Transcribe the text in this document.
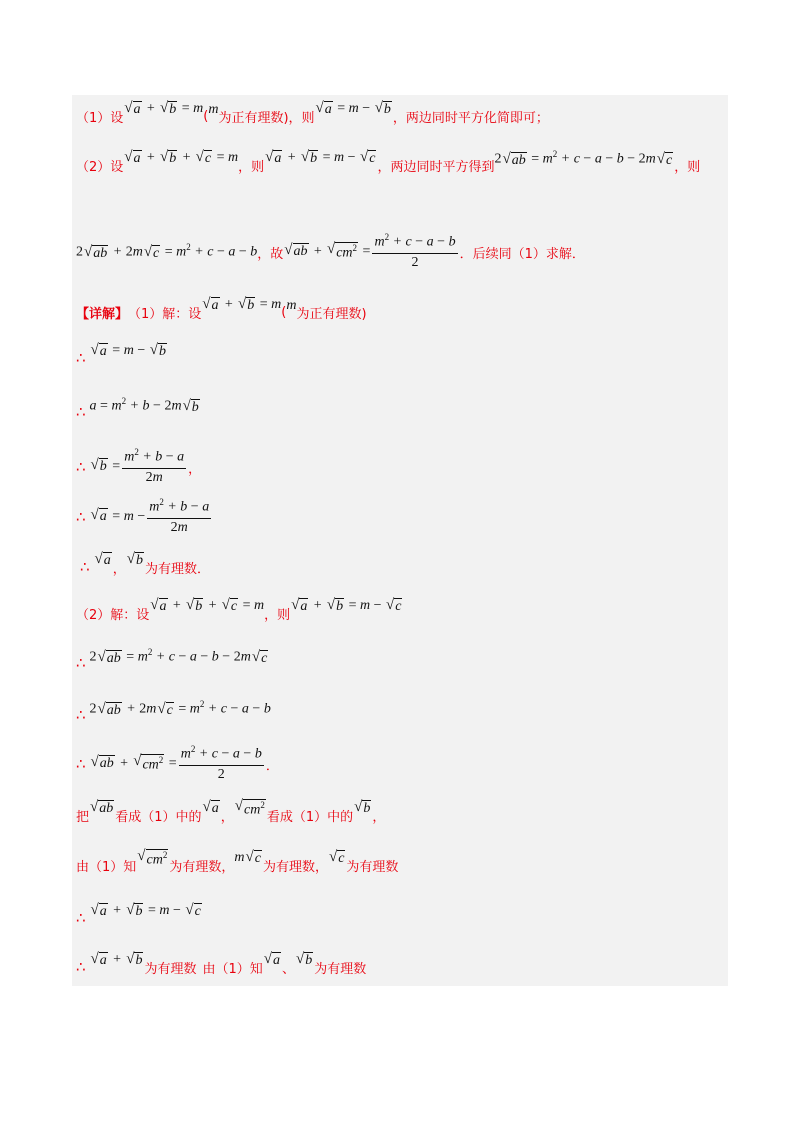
（1）设
√ a + √ b = m ( m
为正有理数)，则
√ a = m − √ b
，两边同时平方化简即可；
（2）设
√ a + √ b + √ c = m
，则
√ a + √ b = m − √ c
，两边同时平方得到
2 √ ab = $m^2 + c - a - b - 2m$ √ c ，则
2 √ ab + 2m √ $c = m^2 + c - a - b$ ，故 √ ab + √ $cm^2$
= $\frac{m^2 + c - a - b}{2}$ ．后续同（1）求解．
【详解】 （1）解：设
√ a + √ b = m ( m
为正有理数)
∴ √ a = m − √ b
∴ $a = m^2 + b - 2m$ √ b
∴ √ b
= $\frac{m^2 + b - a}{2m}$ ，
∴ √ a
= $m - \frac{m^2 + b - a}{2m}$
∴ √ a
，
√ b
为有理数．
（2）解：设
√ a + √ b + √ c = m
，则
√ a + √ b = m − √ c
∴ 2 √ ab = $m^2 + c - a - b - 2m$ √ c
∴ 2 √ ab + 2m √ $c = m^2 + c - a - b$
∴ √ ab + √ $cm^2$
= $\frac{m^2 + c - a - b}{2}$ ．
把
√ ab
看成（1）中的
√ a
，
√ $cm^2$
看成（1）中的
√ b
，
由（1）知
√ $cm^2$
为有理数，
m √ c
为有理数，
√ c
为有理数
∴ √ a + √ b = m − √ c
∴ √ a + √ b
为有理数 由（1）知
√ a
、
√ b
为有理数
